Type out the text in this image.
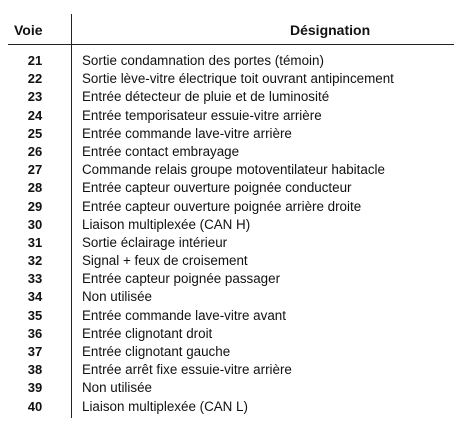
Voie	Désignation
21	Sortie condamnation des portes (témoin)
22	Sortie lève-vitre électrique toit ouvrant antipincement
23	Entrée détecteur de pluie et de luminosité
24	Entrée temporisateur essuie-vitre arrière
25	Entrée commande lave-vitre arrière
26	Entrée contact embrayage
27	Commande relais groupe motoventilateur habitacle
28	Entrée capteur ouverture poignée conducteur
29	Entrée capteur ouverture poignée arrière droite
30	Liaison multiplexée (CAN H)
31	Sortie éclairage intérieur
32	Signal + feux de croisement
33	Entrée capteur poignée passager
34	Non utilisée
35	Entrée commande lave-vitre avant
36	Entrée clignotant droit
37	Entrée clignotant gauche
38	Entrée arrêt fixe essuie-vitre arrière
39	Non utilisée
40	Liaison multiplexée (CAN L)
